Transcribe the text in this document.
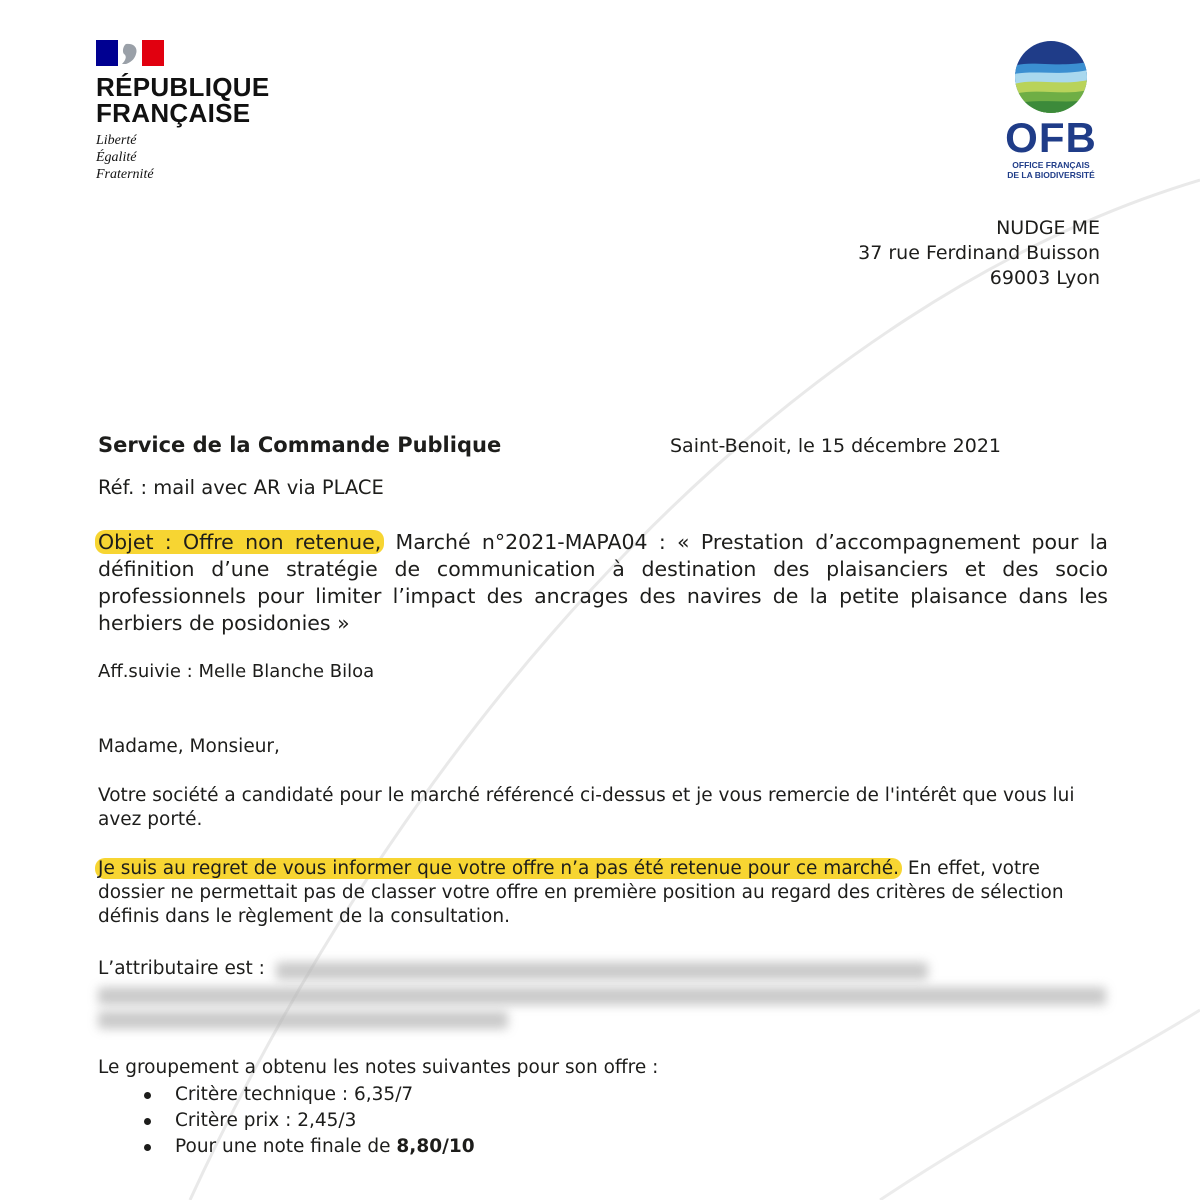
RÉPUBLIQUE
FRANÇAISE
Liberté
Égalité
Fraternité
OFB
OFFICE FRANÇAIS
DE LA BIODIVERSITÉ
NUDGE ME
37 rue Ferdinand Buisson
69003 Lyon
Service de la Commande Publique	Saint-Benoit, le 15 décembre 2021
Réf. : mail avec AR via PLACE
Objet : Offre non retenue, Marché n°2021-MAPA04 : « Prestation d’accompagnement pour la définition d’une stratégie de communication à destination des plaisanciers et des socio professionnels pour limiter l’impact des ancrages des navires de la petite plaisance dans les herbiers de posidonies »
Aff.suivie : Melle Blanche Biloa
Madame, Monsieur,
Votre société a candidaté pour le marché référencé ci-dessus et je vous remercie de l'intérêt que vous lui avez porté.
Je suis au regret de vous informer que votre offre n’a pas été retenue pour ce marché. En effet, votre dossier ne permettait pas de classer votre offre en première position au regard des critères de sélection définis dans le règlement de la consultation.
L’attributaire est :
Le groupement a obtenu les notes suivantes pour son offre :
Critère technique : 6,35/7
Critère prix : 2,45/3
Pour une note finale de 8,80/10
